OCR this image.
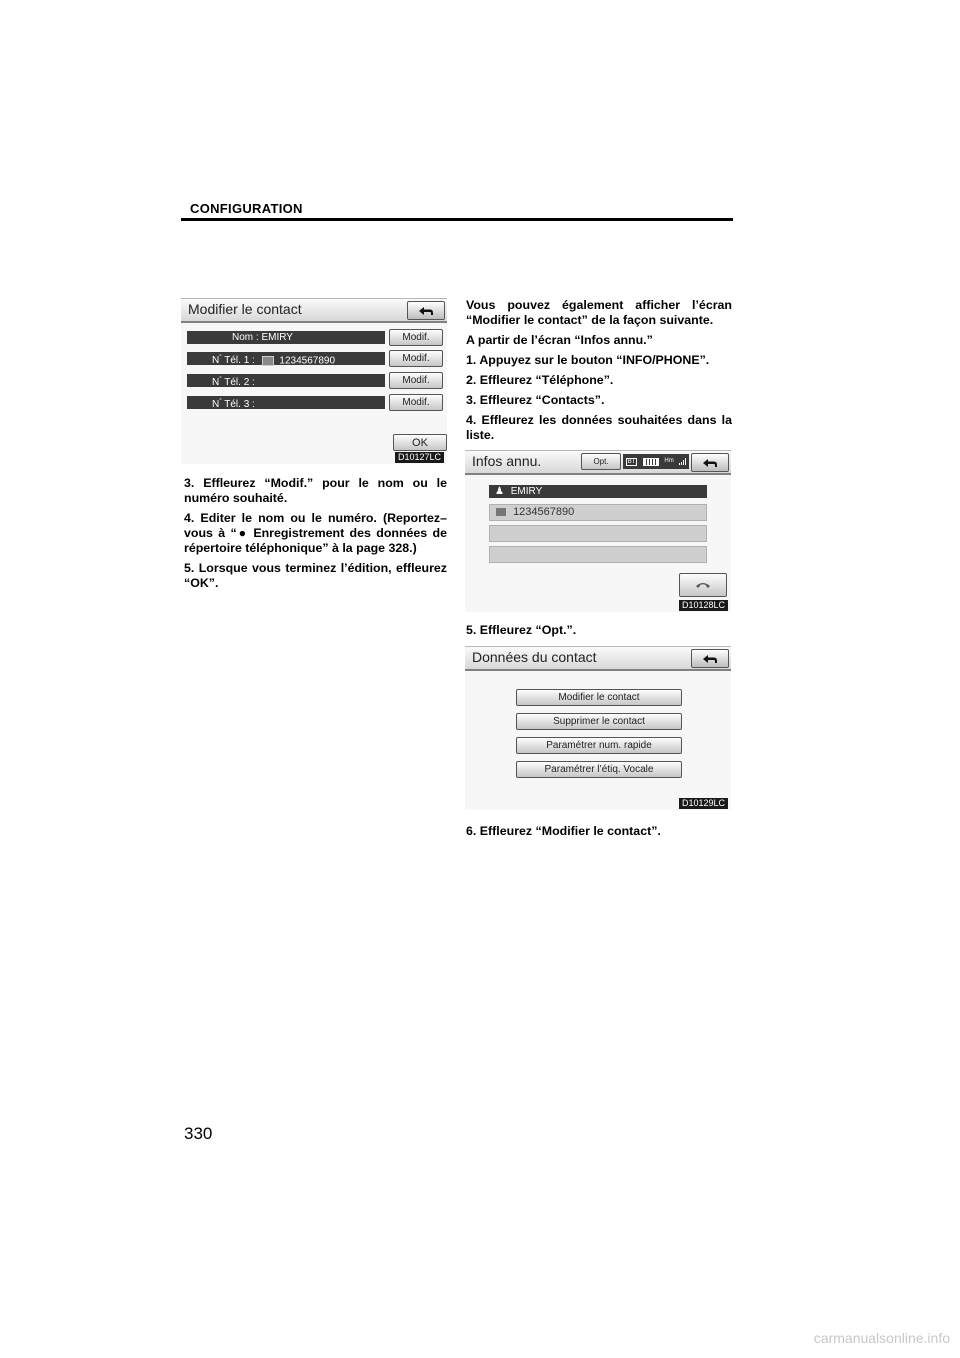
CONFIGURATION
Modifier le contact
Nom : EMIRY	Modif.
N° Tél. 1 : 1234567890	Modif.
N° Tél. 2 :	Modif.
N° Tél. 3 :	Modif.
OK
D10127LC

3. Effleurez “Modif.” pour le nom ou le numéro souhaité.

4. Editer le nom ou le numéro. (Reportez–vous à “● Enregistrement des données de répertoire téléphonique” à la page 328.)

5. Lorsque vous terminez l’édition, effleurez “OK”.

Vous pouvez également afficher l’écran “Modifier le contact” de la façon suivante.

A partir de l’écran “Infos annu.”

1. Appuyez sur le bouton “INFO/PHONE”.

2. Effleurez “Téléphone”.

3. Effleurez “Contacts”.

4. Effleurez les données souhaitées dans la liste.

Infos annu.	Opt.	BT	Hm
♟ EMIRY
1234567890
D10128LC
5. Effleurez “Opt.”.
Données du contact
Modifier le contact
Supprimer le contact
Paramétrer num. rapide
Paramétrer l’étiq. Vocale
D10129LC
6. Effleurez “Modifier le contact”.
330
carmanualsonline.info
